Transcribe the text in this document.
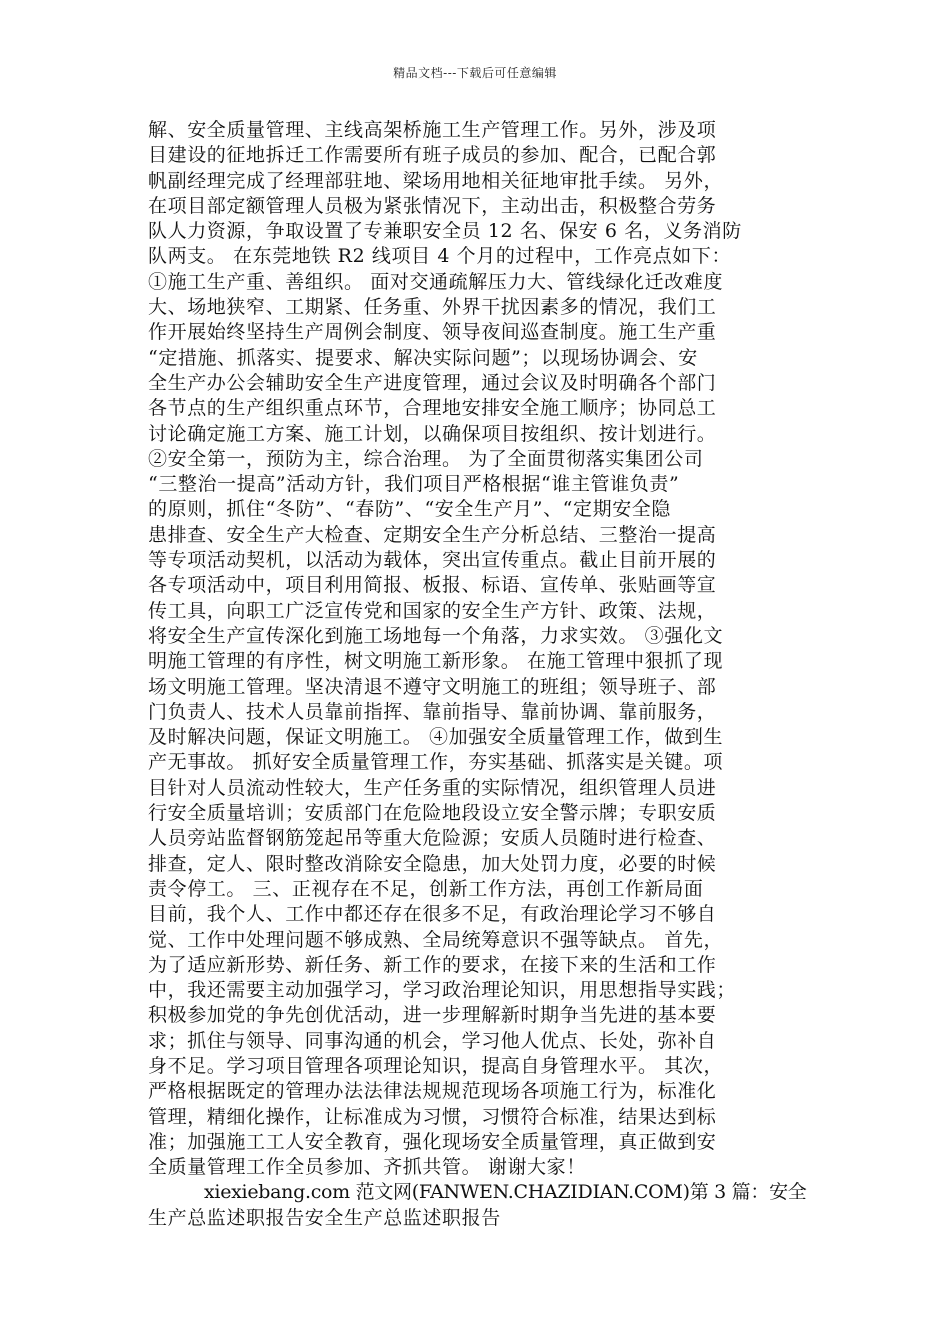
精品文档---下载后可任意编辑
解、安全质量管理、主线高架桥施工生产管理工作。另外，涉及项
目建设的征地拆迁工作需要所有班子成员的参加、配合，已配合郭
帆副经理完成了经理部驻地、梁场用地相关征地审批手续。 另外，
在项目部定额管理人员极为紧张情况下，主动出击，积极整合劳务
队人力资源，争取设置了专兼职安全员 12 名、保安 6 名，义务消防
队两支。 在东莞地铁 R2 线项目 4 个月的过程中，工作亮点如下：
①施工生产重、善组织。 面对交通疏解压力大、管线绿化迁改难度
大、场地狭窄、工期紧、任务重、外界干扰因素多的情况，我们工
作开展始终坚持生产周例会制度、领导夜间巡查制度。施工生产重
“定措施、抓落实、提要求、解决实际问题”；以现场协调会、安
全生产办公会辅助安全生产进度管理，通过会议及时明确各个部门
各节点的生产组织重点环节，合理地安排安全施工顺序；协同总工
讨论确定施工方案、施工计划，以确保项目按组织、按计划进行。
②安全第一，预防为主，综合治理。 为了全面贯彻落实集团公司
“三整治一提高”活动方针，我们项目严格根据“谁主管谁负责”
的原则，抓住“冬防”、“春防”、“安全生产月”、“定期安全隐
患排查、安全生产大检查、定期安全生产分析总结、三整治一提高
等专项活动契机，以活动为载体，突出宣传重点。截止目前开展的
各专项活动中，项目利用简报、板报、标语、宣传单、张贴画等宣
传工具，向职工广泛宣传党和国家的安全生产方针、政策、法规，
将安全生产宣传深化到施工场地每一个角落，力求实效。 ③强化文
明施工管理的有序性，树文明施工新形象。 在施工管理中狠抓了现
场文明施工管理。坚决清退不遵守文明施工的班组；领导班子、部
门负责人、技术人员靠前指挥、靠前指导、靠前协调、靠前服务，
及时解决问题，保证文明施工。 ④加强安全质量管理工作，做到生
产无事故。 抓好安全质量管理工作，夯实基础、抓落实是关键。项
目针对人员流动性较大，生产任务重的实际情况，组织管理人员进
行安全质量培训；安质部门在危险地段设立安全警示牌；专职安质
人员旁站监督钢筋笼起吊等重大危险源；安质人员随时进行检查、
排查，定人、限时整改消除安全隐患，加大处罚力度，必要的时候
责令停工。 三、正视存在不足，创新工作方法，再创工作新局面
目前，我个人、工作中都还存在很多不足，有政治理论学习不够自
觉、工作中处理问题不够成熟、全局统筹意识不强等缺点。 首先，
为了适应新形势、新任务、新工作的要求，在接下来的生活和工作
中，我还需要主动加强学习，学习政治理论知识，用思想指导实践；
积极参加党的争先创优活动，进一步理解新时期争当先进的基本要
求；抓住与领导、同事沟通的机会，学习他人优点、长处，弥补自
身不足。学习项目管理各项理论知识，提高自身管理水平。 其次，
严格根据既定的管理办法法律法规规范现场各项施工行为，标准化
管理，精细化操作，让标准成为习惯，习惯符合标准，结果达到标
准；加强施工工人安全教育，强化现场安全质量管理，真正做到安
全质量管理工作全员参加、齐抓共管。 谢谢大家！
xiexiebang.com 范文网(FANWEN.CHAZIDIAN.COM)第 3 篇：安全
生产总监述职报告安全生产总监述职报告
